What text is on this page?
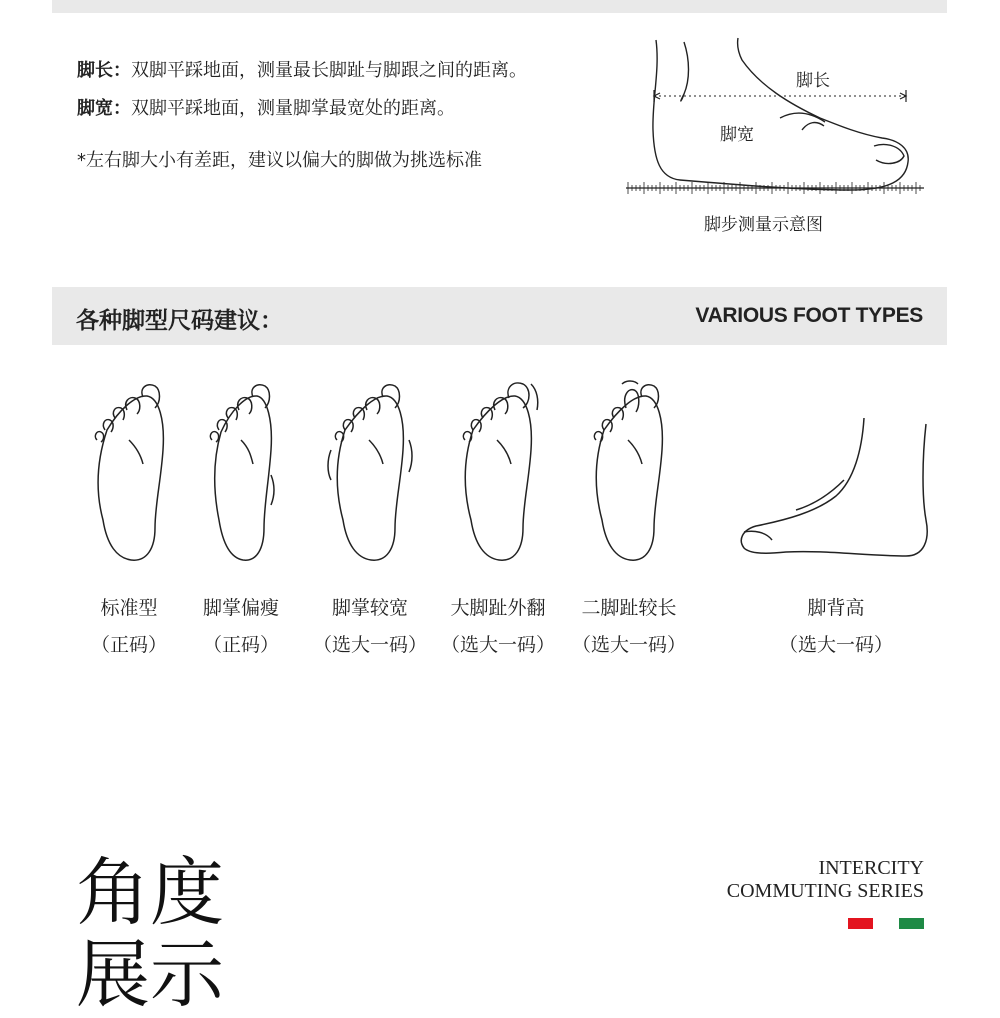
脚长：双脚平踩地面，测量最长脚趾与脚跟之间的距离。
脚宽：双脚平踩地面，测量脚掌最宽处的距离。
*左右脚大小有差距，建议以偏大的脚做为挑选标准
脚长
脚宽
脚步测量示意图
各种脚型尺码建议：	VARIOUS FOOT TYPES
标准型
（正码）
脚掌偏瘦
（正码）
脚掌较宽
（选大一码）
大脚趾外翻
（选大一码）
二脚趾较长
（选大一码）
脚背高
（选大一码）
角度
展示
INTERCITY
COMMUTING SERIES
